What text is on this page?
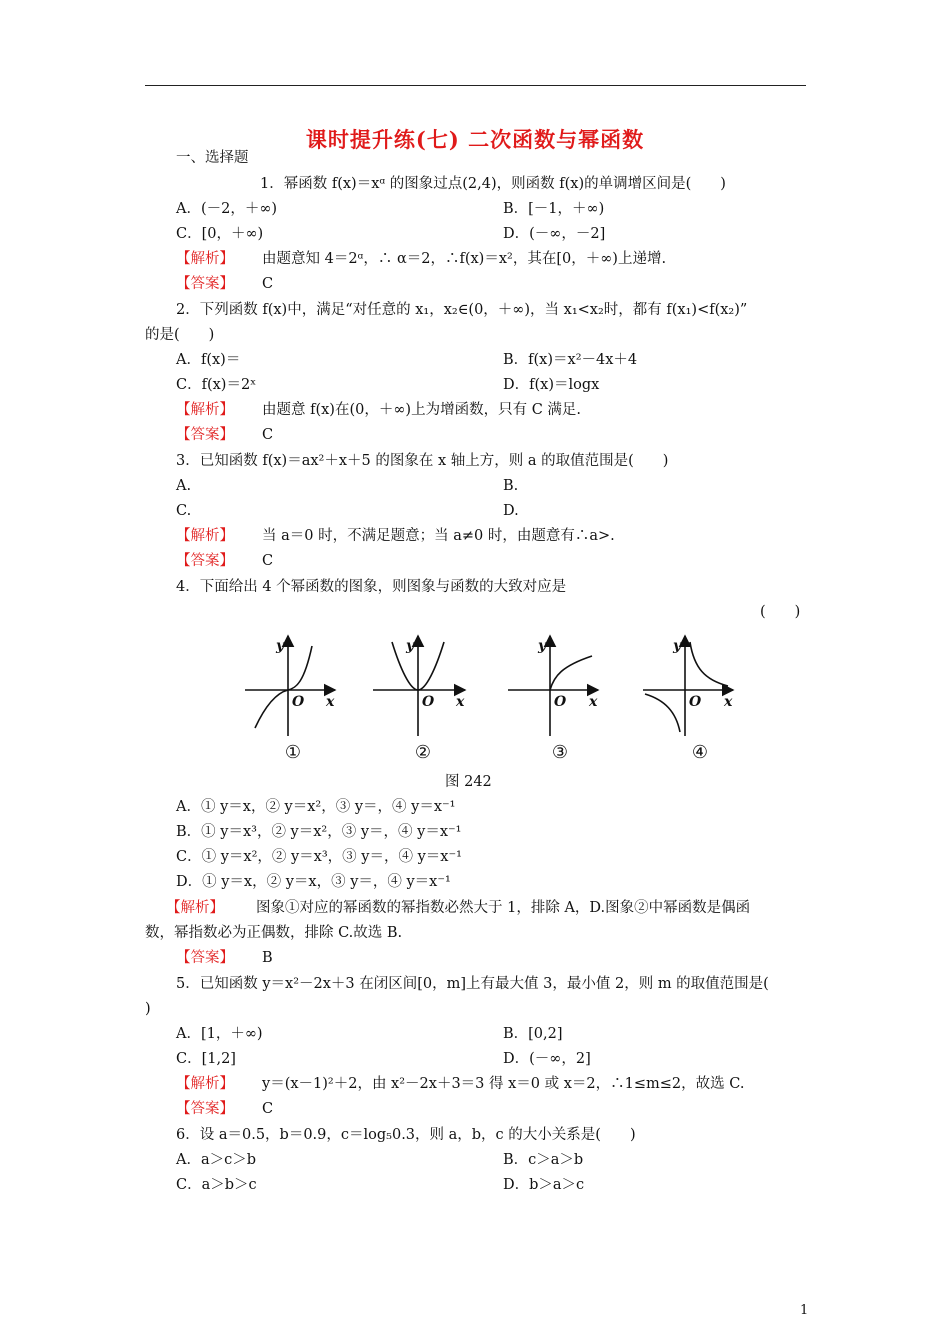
课时提升练(七) 二次函数与幂函数
一、选择题
1．幂函数 f(x)＝xᵅ 的图象过点(2,4)，则函数 f(x)的单调增区间是(　　)
A．(－2，＋∞)	B．[－1，＋∞)
C．[0，＋∞)	D．(－∞，－2]
【解析】 由题意知 4＝2ᵅ，∴ α＝2，∴f(x)＝x²，其在[0，＋∞)上递增.
【答案】 C
2．下列函数 f(x)中，满足“对任意的 x₁，x₂∈(0，＋∞)，当 x₁<x₂时，都有 f(x₁)<f(x₂)”
的是(　　)
A．f(x)＝	B．f(x)＝x²－4x＋4
C．f(x)＝2ˣ	D．f(x)＝logx
【解析】 由题意 f(x)在(0，＋∞)上为增函数，只有 C 满足.
【答案】 C
3．已知函数 f(x)＝ax²＋x＋5 的图象在 x 轴上方，则 a 的取值范围是(　　)
A.	B.
C.	D.
【解析】 当 a＝0 时，不满足题意；当 a≠0 时，由题意有∴a>.
【答案】 C
4．下面给出 4 个幂函数的图象，则图象与函数的大致对应是
(　　)
y
x
O
y
x
O
y
x
O
y
x
O
①	②	③	④
图 242
A．① y＝x，② y＝x²，③ y＝，④ y＝x⁻¹
B．① y＝x³，② y＝x²，③ y＝，④ y＝x⁻¹
C．① y＝x²，② y＝x³，③ y＝，④ y＝x⁻¹
D．① y＝x，② y＝x，③ y＝，④ y＝x⁻¹
【解析】 图象①对应的幂函数的幂指数必然大于 1，排除 A，D.图象②中幂函数是偶函
数，幂指数必为正偶数，排除 C.故选 B.
【答案】 B
5．已知函数 y＝x²－2x＋3 在闭区间[0，m]上有最大值 3，最小值 2，则 m 的取值范围是(
)
A．[1，＋∞)	B．[0,2]
C．[1,2]	D．(－∞，2]
【解析】 y＝(x－1)²＋2，由 x²－2x＋3＝3 得 x＝0 或 x＝2，∴1≤m≤2，故选 C.
【答案】 C
6．设 a＝0.5，b＝0.9，c＝log₅0.3，则 a，b，c 的大小关系是(　　)
A．a＞c＞b	B．c＞a＞b
C．a＞b＞c	D．b＞a＞c
1
